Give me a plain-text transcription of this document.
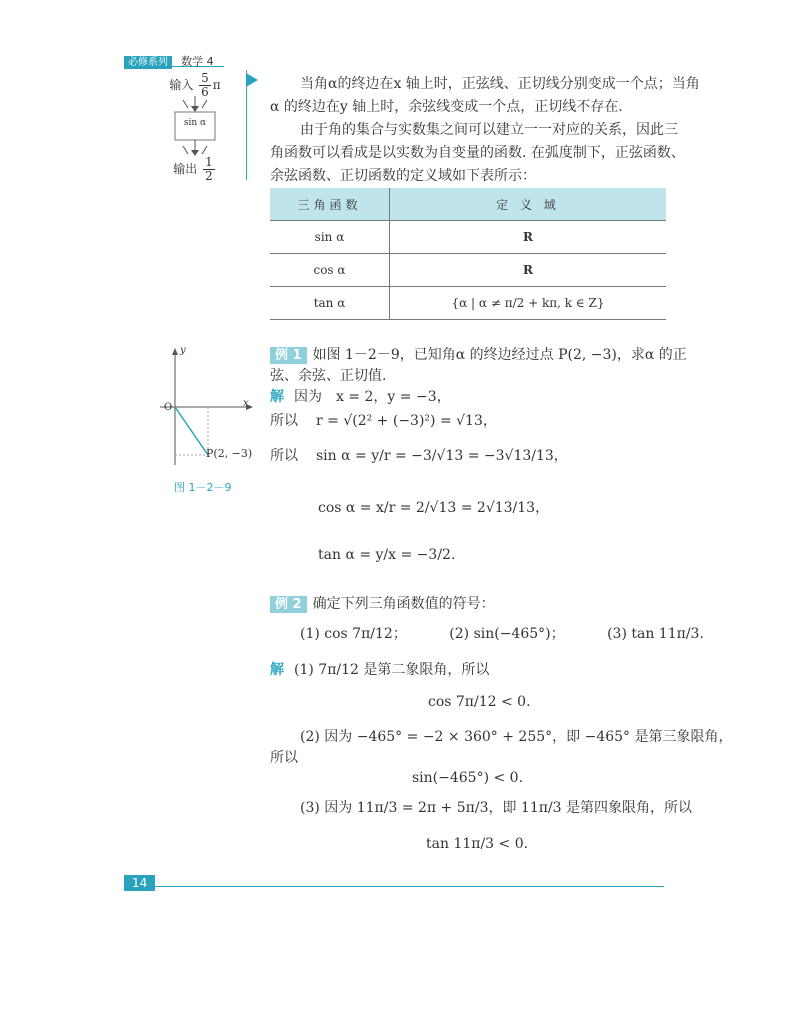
必修系列 数学 4
输入 $\frac{5}{6}$ π
sin α
输出 $\frac{1}{2}$
当角α的终边在x 轴上时，正弦线、正切线分别变成一个点；当角
α 的终边在y 轴上时，余弦线变成一个点，正切线不存在.
由于角的集合与实数集之间可以建立一一对应的关系，因此三
角函数可以看成是以实数为自变量的函数. 在弧度制下，正弦函数、
余弦函数、正切函数的定义域如下表所示：
三角函数	定 义 域
sin α	R
cos α	R
tan α	{α | α ≠ π/2 + kπ, k ∈ Z}
y
x
O
P(2, −3)
图 1－2－9
例 1 如图 1－2－9，已知角α 的终边经过点 P(2, −3)，求α 的正
弦、余弦、正切值.
解 因为　x = 2，y = −3，
所以 r = √(2² + (−3)²) = √13，
所以 sin α = y/r = −3/√13 = −3√13/13，
cos α = x/r = 2/√13 = 2√13/13，
tan α = y/x = −3/2.
例 2 确定下列三角函数值的符号：
(1) cos 7π/12；	(2) sin(−465°)；	(3) tan 11π/3.
解 (1) 7π/12 是第二象限角，所以
cos 7π/12 < 0.
(2) 因为 −465° = −2 × 360° + 255°，即 −465° 是第三象限角，
所以
sin(−465°) < 0.
(3) 因为 11π/3 = 2π + 5π/3，即 11π/3 是第四象限角，所以
tan 11π/3 < 0.
14
